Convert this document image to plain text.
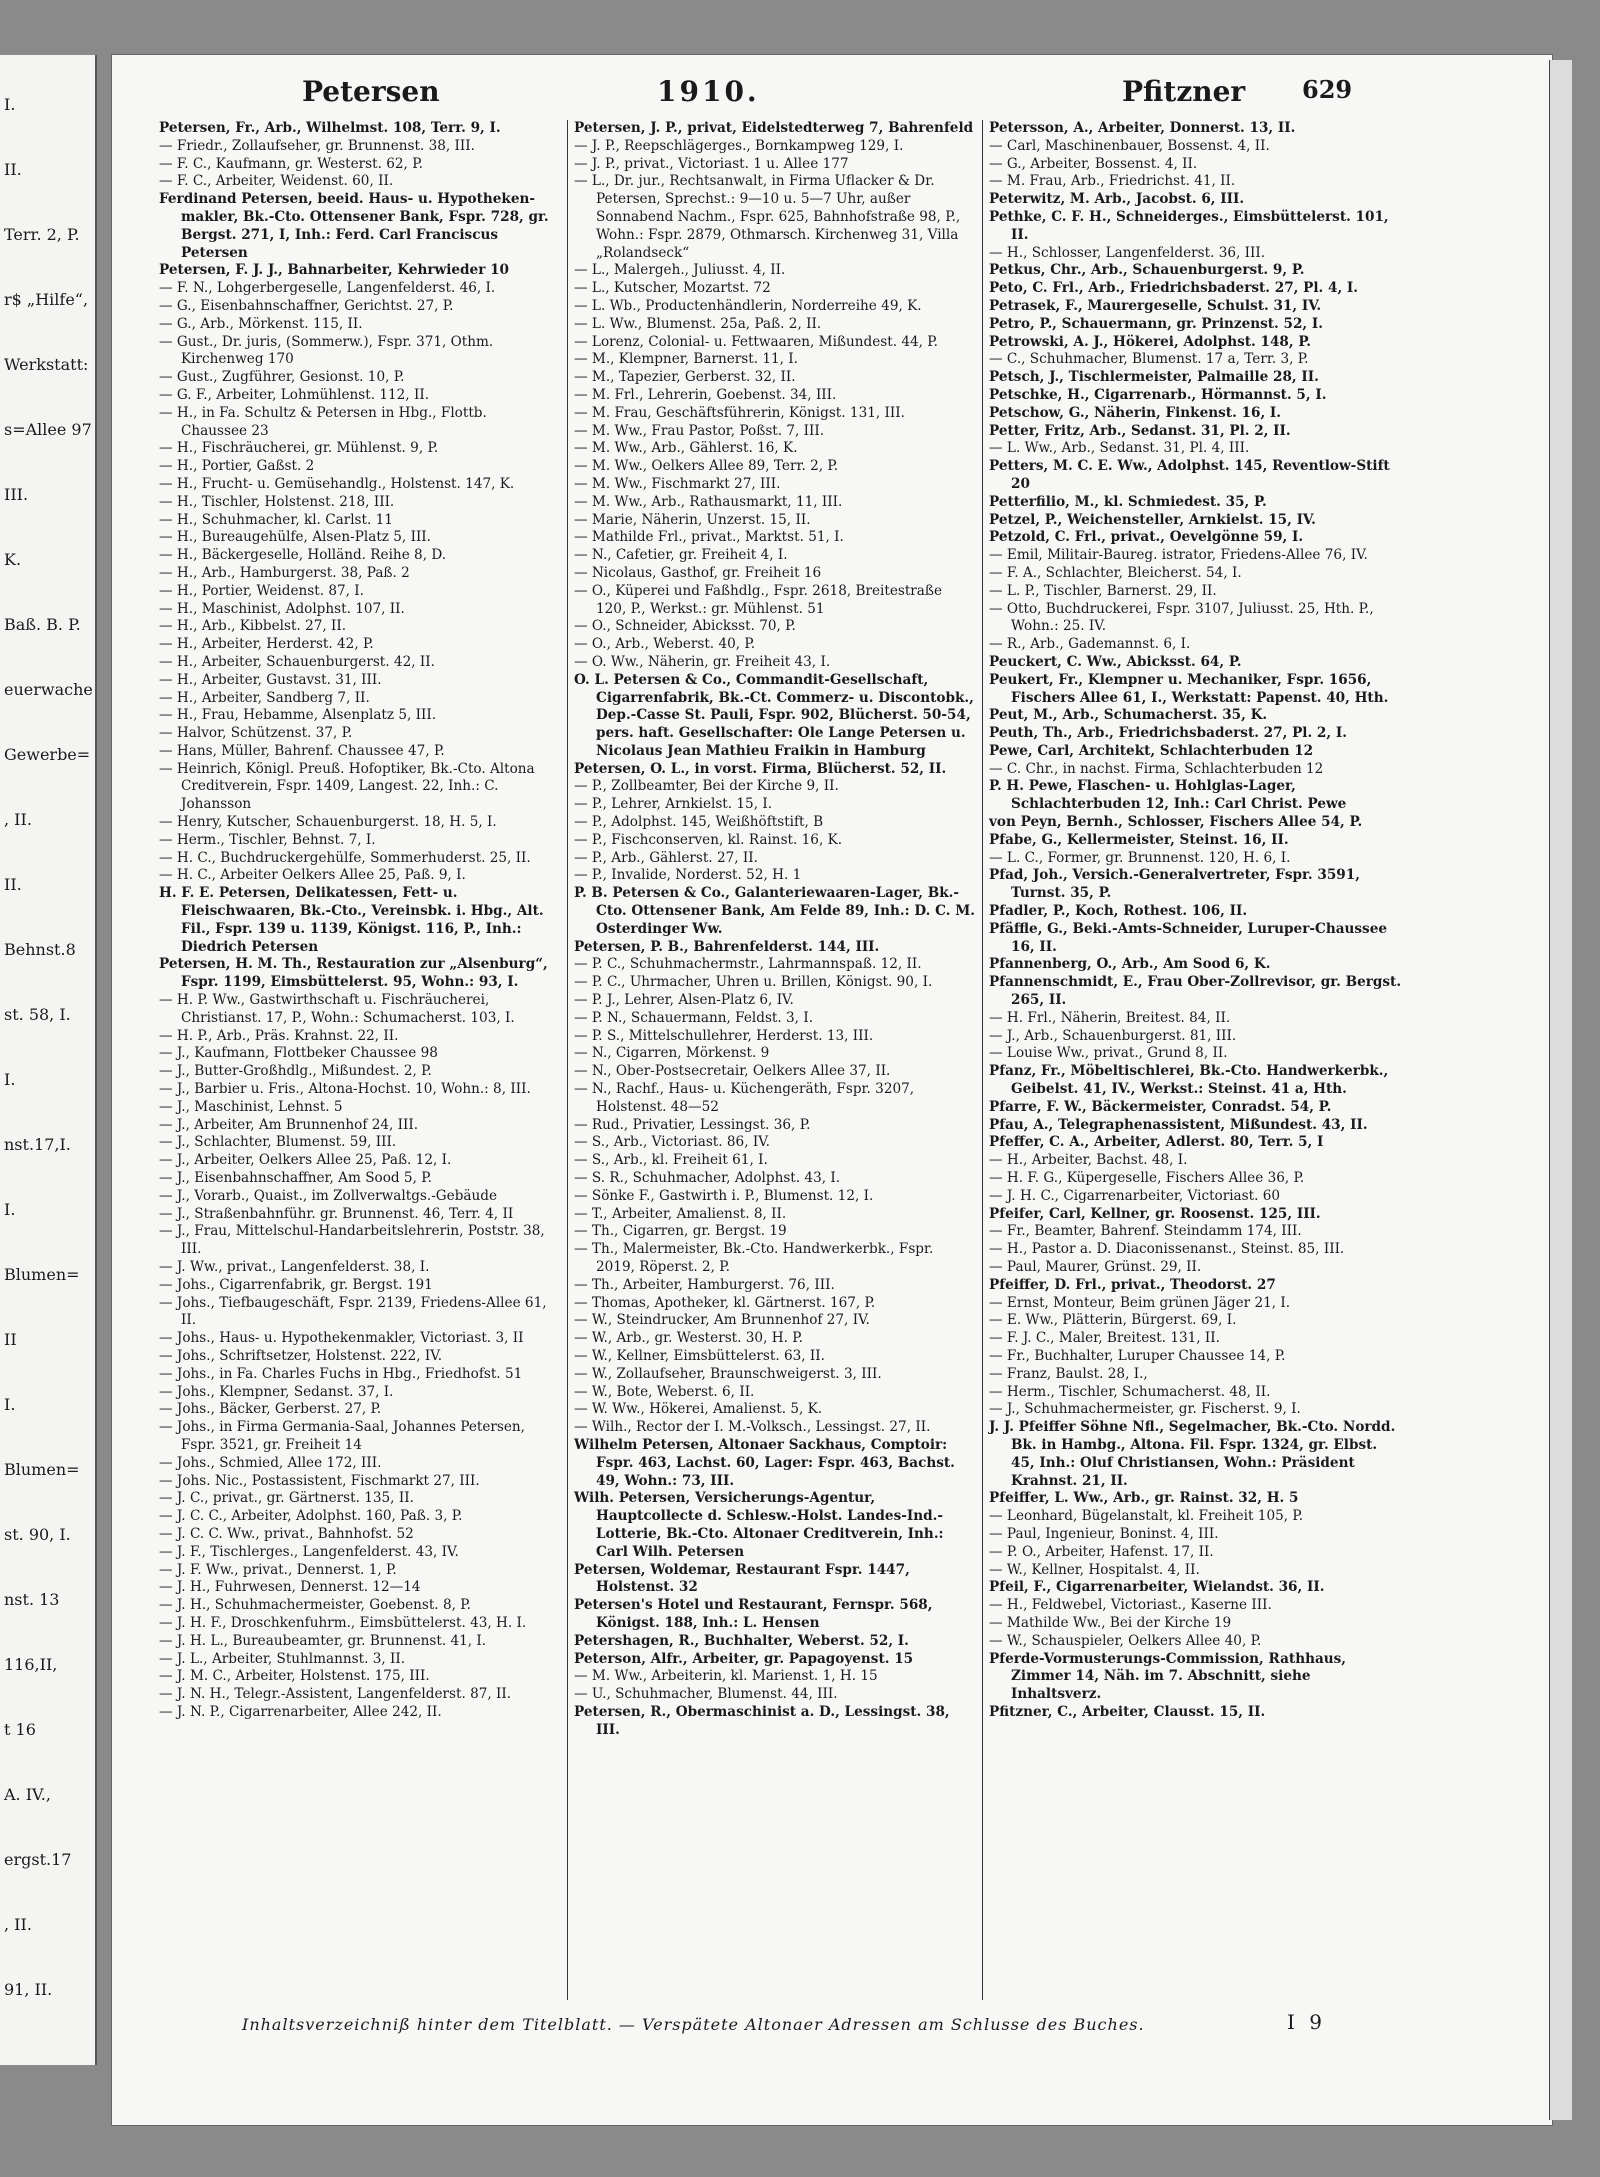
I.
II.
Terr. 2, P.
r$ „Hilfe“,
Werkstatt:
s=Allee 97
III.
K.
Baß. B. P.
euerwache
Gewerbe=
, II.
II.
Behnst.8
st. 58, I.
I.
nst.17,I.
I.
Blumen=
II
I.
Blumen=
st. 90, I.
nst. 13
116,II,
t 16
A. IV.,
ergst.17
, II.
91, II.
Petersen	1910.	Pfitzner 629

Petersen, Fr., Arb., Wilhelmst. 108, Terr. 9, I.

— Friedr., Zollaufseher, gr. Brunnenst. 38, III.

— F. C., Kaufmann, gr. Westerst. 62, P.

— F. C., Arbeiter, Weidenst. 60, II.

Ferdinand Petersen, beeid. Haus- u. Hypotheken-makler, Bk.-Cto. Ottensener Bank, Fspr. 728, gr. Bergst. 271, I, Inh.: Ferd. Carl Franciscus Petersen

Petersen, F. J. J., Bahnarbeiter, Kehrwieder 10

— F. N., Lohgerbergeselle, Langenfelderst. 46, I.

— G., Eisenbahnschaffner, Gerichtst. 27, P.

— G., Arb., Mörkenst. 115, II.

— Gust., Dr. juris, (Sommerw.), Fspr. 371, Othm. Kirchenweg 170

— Gust., Zugführer, Gesionst. 10, P.

— G. F., Arbeiter, Lohmühlenst. 112, II.

— H., in Fa. Schultz & Petersen in Hbg., Flottb. Chaussee 23

— H., Fischräucherei, gr. Mühlenst. 9, P.

— H., Portier, Gaßst. 2

— H., Frucht- u. Gemüsehandlg., Holstenst. 147, K.

— H., Tischler, Holstenst. 218, III.

— H., Schuhmacher, kl. Carlst. 11

— H., Bureaugehülfe, Alsen-Platz 5, III.

— H., Bäckergeselle, Holländ. Reihe 8, D.

— H., Arb., Hamburgerst. 38, Paß. 2

— H., Portier, Weidenst. 87, I.

— H., Maschinist, Adolphst. 107, II.

— H., Arb., Kibbelst. 27, II.

— H., Arbeiter, Herderst. 42, P.

— H., Arbeiter, Schauenburgerst. 42, II.

— H., Arbeiter, Gustavst. 31, III.

— H., Arbeiter, Sandberg 7, II.

— H., Frau, Hebamme, Alsenplatz 5, III.

— Halvor, Schützenst. 37, P.

— Hans, Müller, Bahrenf. Chaussee 47, P.

— Heinrich, Königl. Preuß. Hofoptiker, Bk.-Cto. Altona Creditverein, Fspr. 1409, Langest. 22, Inh.: C. Johansson

— Henry, Kutscher, Schauenburgerst. 18, H. 5, I.

— Herm., Tischler, Behnst. 7, I.

— H. C., Buchdruckergehülfe, Sommerhuderst. 25, II.

— H. C., Arbeiter Oelkers Allee 25, Paß. 9, I.

H. F. E. Petersen, Delikatessen, Fett- u. Fleischwaaren, Bk.-Cto., Vereinsbk. i. Hbg., Alt. Fil., Fspr. 139 u. 1139, Königst. 116, P., Inh.: Diedrich Petersen

Petersen, H. M. Th., Restauration zur „Alsenburg“, Fspr. 1199, Eimsbüttelerst. 95, Wohn.: 93, I.

— H. P. Ww., Gastwirthschaft u. Fischräucherei, Christianst. 17, P., Wohn.: Schumacherst. 103, I.

— H. P., Arb., Präs. Krahnst. 22, II.

— J., Kaufmann, Flottbeker Chaussee 98

— J., Butter-Großhdlg., Mißundest. 2, P.

— J., Barbier u. Fris., Altona-Hochst. 10, Wohn.: 8, III.

— J., Maschinist, Lehnst. 5

— J., Arbeiter, Am Brunnenhof 24, III.

— J., Schlachter, Blumenst. 59, III.

— J., Arbeiter, Oelkers Allee 25, Paß. 12, I.

— J., Eisenbahnschaffner, Am Sood 5, P.

— J., Vorarb., Quaist., im Zollverwaltgs.-Gebäude

— J., Straßenbahnführ. gr. Brunnenst. 46, Terr. 4, II

— J., Frau, Mittelschul-Handarbeitslehrerin, Poststr. 38, III.

— J. Ww., privat., Langenfelderst. 38, I.

— Johs., Cigarrenfabrik, gr. Bergst. 191

— Johs., Tiefbaugeschäft, Fspr. 2139, Friedens-Allee 61, II.

— Johs., Haus- u. Hypothekenmakler, Victoriast. 3, II

— Johs., Schriftsetzer, Holstenst. 222, IV.

— Johs., in Fa. Charles Fuchs in Hbg., Friedhofst. 51

— Johs., Klempner, Sedanst. 37, I.

— Johs., Bäcker, Gerberst. 27, P.

— Johs., in Firma Germania-Saal, Johannes Petersen, Fspr. 3521, gr. Freiheit 14

— Johs., Schmied, Allee 172, III.

— Johs. Nic., Postassistent, Fischmarkt 27, III.

— J. C., privat., gr. Gärtnerst. 135, II.

— J. C. C., Arbeiter, Adolphst. 160, Paß. 3, P.

— J. C. C. Ww., privat., Bahnhofst. 52

— J. F., Tischlerges., Langenfelderst. 43, IV.

— J. F. Ww., privat., Dennerst. 1, P.

— J. H., Fuhrwesen, Dennerst. 12—14

— J. H., Schuhmachermeister, Goebenst. 8, P.

— J. H. F., Droschkenfuhrm., Eimsbüttelerst. 43, H. I.

— J. H. L., Bureaubeamter, gr. Brunnenst. 41, I.

— J. L., Arbeiter, Stuhlmannst. 3, II.

— J. M. C., Arbeiter, Holstenst. 175, III.

— J. N. H., Telegr.-Assistent, Langenfelderst. 87, II.

— J. N. P., Cigarrenarbeiter, Allee 242, II.

Petersen, J. P., privat, Eidelstedterweg 7, Bahrenfeld

— J. P., Reepschlägerges., Bornkampweg 129, I.

— J. P., privat., Victoriast. 1 u. Allee 177

— L., Dr. jur., Rechtsanwalt, in Firma Uflacker & Dr. Petersen, Sprechst.: 9—10 u. 5—7 Uhr, außer Sonnabend Nachm., Fspr. 625, Bahnhofstraße 98, P., Wohn.: Fspr. 2879, Othmarsch. Kirchenweg 31, Villa „Rolandseck“

— L., Malergeh., Juliusst. 4, II.

— L., Kutscher, Mozartst. 72

— L. Wb., Productenhändlerin, Norderreihe 49, K.

— L. Ww., Blumenst. 25a, Paß. 2, II.

— Lorenz, Colonial- u. Fettwaaren, Mißundest. 44, P.

— M., Klempner, Barnerst. 11, I.

— M., Tapezier, Gerberst. 32, II.

— M. Frl., Lehrerin, Goebenst. 34, III.

— M. Frau, Geschäftsführerin, Königst. 131, III.

— M. Ww., Frau Pastor, Poßst. 7, III.

— M. Ww., Arb., Gählerst. 16, K.

— M. Ww., Oelkers Allee 89, Terr. 2, P.

— M. Ww., Fischmarkt 27, III.

— M. Ww., Arb., Rathausmarkt, 11, III.

— Marie, Näherin, Unzerst. 15, II.

— Mathilde Frl., privat., Marktst. 51, I.

— N., Cafetier, gr. Freiheit 4, I.

— Nicolaus, Gasthof, gr. Freiheit 16

— O., Küperei und Faßhdlg., Fspr. 2618, Breitestraße 120, P., Werkst.: gr. Mühlenst. 51

— O., Schneider, Abicksst. 70, P.

— O., Arb., Weberst. 40, P.

— O. Ww., Näherin, gr. Freiheit 43, I.

O. L. Petersen & Co., Commandit-Gesellschaft, Cigarrenfabrik, Bk.-Ct. Commerz- u. Discontobk., Dep.-Casse St. Pauli, Fspr. 902, Blücherst. 50-54, pers. haft. Gesellschafter: Ole Lange Petersen u. Nicolaus Jean Mathieu Fraikin in Hamburg

Petersen, O. L., in vorst. Firma, Blücherst. 52, II.

— P., Zollbeamter, Bei der Kirche 9, II.

— P., Lehrer, Arnkielst. 15, I.

— P., Adolphst. 145, Weißhöftstift, B

— P., Fischconserven, kl. Rainst. 16, K.

— P., Arb., Gählerst. 27, II.

— P., Invalide, Norderst. 52, H. 1

P. B. Petersen & Co., Galanteriewaaren-Lager, Bk.-Cto. Ottensener Bank, Am Felde 89, Inh.: D. C. M. Osterdinger Ww.

Petersen, P. B., Bahrenfelderst. 144, III.

— P. C., Schuhmachermstr., Lahrmannspaß. 12, II.

— P. C., Uhrmacher, Uhren u. Brillen, Königst. 90, I.

— P. J., Lehrer, Alsen-Platz 6, IV.

— P. N., Schauermann, Feldst. 3, I.

— P. S., Mittelschullehrer, Herderst. 13, III.

— N., Cigarren, Mörkenst. 9

— N., Ober-Postsecretair, Oelkers Allee 37, II.

— N., Rachf., Haus- u. Küchengeräth, Fspr. 3207, Holstenst. 48—52

— Rud., Privatier, Lessingst. 36, P.

— S., Arb., Victoriast. 86, IV.

— S., Arb., kl. Freiheit 61, I.

— S. R., Schuhmacher, Adolphst. 43, I.

— Sönke F., Gastwirth i. P., Blumenst. 12, I.

— T., Arbeiter, Amalienst. 8, II.

— Th., Cigarren, gr. Bergst. 19

— Th., Malermeister, Bk.-Cto. Handwerkerbk., Fspr. 2019, Röperst. 2, P.

— Th., Arbeiter, Hamburgerst. 76, III.

— Thomas, Apotheker, kl. Gärtnerst. 167, P.

— W., Steindrucker, Am Brunnenhof 27, IV.

— W., Arb., gr. Westerst. 30, H. P.

— W., Kellner, Eimsbüttelerst. 63, II.

— W., Zollaufseher, Braunschweigerst. 3, III.

— W., Bote, Weberst. 6, II.

— W. Ww., Hökerei, Amalienst. 5, K.

— Wilh., Rector der I. M.-Volksch., Lessingst. 27, II.

Wilhelm Petersen, Altonaer Sackhaus, Comptoir: Fspr. 463, Lachst. 60, Lager: Fspr. 463, Bachst. 49, Wohn.: 73, III.

Wilh. Petersen, Versicherungs-Agentur, Hauptcollecte d. Schlesw.-Holst. Landes-Ind.-Lotterie, Bk.-Cto. Altonaer Creditverein, Inh.: Carl Wilh. Petersen

Petersen, Woldemar, Restaurant Fspr. 1447, Holstenst. 32

Petersen's Hotel und Restaurant, Fernspr. 568, Königst. 188, Inh.: L. Hensen

Petershagen, R., Buchhalter, Weberst. 52, I.

Peterson, Alfr., Arbeiter, gr. Papagoyenst. 15

— M. Ww., Arbeiterin, kl. Marienst. 1, H. 15

— U., Schuhmacher, Blumenst. 44, III.

Petersen, R., Obermaschinist a. D., Lessingst. 38, III.

Petersson, A., Arbeiter, Donnerst. 13, II.

— Carl, Maschinenbauer, Bossenst. 4, II.

— G., Arbeiter, Bossenst. 4, II.

— M. Frau, Arb., Friedrichst. 41, II.

Peterwitz, M. Arb., Jacobst. 6, III.

Pethke, C. F. H., Schneiderges., Eimsbüttelerst. 101, II.

— H., Schlosser, Langenfelderst. 36, III.

Petkus, Chr., Arb., Schauenburgerst. 9, P.

Peto, C. Frl., Arb., Friedrichsbaderst. 27, Pl. 4, I.

Petrasek, F., Maurergeselle, Schulst. 31, IV.

Petro, P., Schauermann, gr. Prinzenst. 52, I.

Petrowski, A. J., Hökerei, Adolphst. 148, P.

— C., Schuhmacher, Blumenst. 17 a, Terr. 3, P.

Petsch, J., Tischlermeister, Palmaille 28, II.

Petschke, H., Cigarrenarb., Hörmannst. 5, I.

Petschow, G., Näherin, Finkenst. 16, I.

Petter, Fritz, Arb., Sedanst. 31, Pl. 2, II.

— L. Ww., Arb., Sedanst. 31, Pl. 4, III.

Petters, M. C. E. Ww., Adolphst. 145, Reventlow-Stift 20

Petterfilio, M., kl. Schmiedest. 35, P.

Petzel, P., Weichensteller, Arnkielst. 15, IV.

Petzold, C. Frl., privat., Oevelgönne 59, I.

— Emil, Militair-Baureg. istrator, Friedens-Allee 76, IV.

— F. A., Schlachter, Bleicherst. 54, I.

— L. P., Tischler, Barnerst. 29, II.

— Otto, Buchdruckerei, Fspr. 3107, Juliusst. 25, Hth. P., Wohn.: 25. IV.

— R., Arb., Gademannst. 6, I.

Peuckert, C. Ww., Abicksst. 64, P.

Peukert, Fr., Klempner u. Mechaniker, Fspr. 1656, Fischers Allee 61, I., Werkstatt: Papenst. 40, Hth.

Peut, M., Arb., Schumacherst. 35, K.

Peuth, Th., Arb., Friedrichsbaderst. 27, Pl. 2, I.

Pewe, Carl, Architekt, Schlachterbuden 12

— C. Chr., in nachst. Firma, Schlachterbuden 12

P. H. Pewe, Flaschen- u. Hohlglas-Lager, Schlachterbuden 12, Inh.: Carl Christ. Pewe

von Peyn, Bernh., Schlosser, Fischers Allee 54, P.

Pfabe, G., Kellermeister, Steinst. 16, II.

— L. C., Former, gr. Brunnenst. 120, H. 6, I.

Pfad, Joh., Versich.-Generalvertreter, Fspr. 3591, Turnst. 35, P.

Pfadler, P., Koch, Rothest. 106, II.

Pfäffle, G., Beki.-Amts-Schneider, Luruper-Chaussee 16, II.

Pfannenberg, O., Arb., Am Sood 6, K.

Pfannenschmidt, E., Frau Ober-Zollrevisor, gr. Bergst. 265, II.

— H. Frl., Näherin, Breitest. 84, II.

— J., Arb., Schauenburgerst. 81, III.

— Louise Ww., privat., Grund 8, II.

Pfanz, Fr., Möbeltischlerei, Bk.-Cto. Handwerkerbk., Geibelst. 41, IV., Werkst.: Steinst. 41 a, Hth.

Pfarre, F. W., Bäckermeister, Conradst. 54, P.

Pfau, A., Telegraphenassistent, Mißundest. 43, II.

Pfeffer, C. A., Arbeiter, Adlerst. 80, Terr. 5, I

— H., Arbeiter, Bachst. 48, I.

— H. F. G., Küpergeselle, Fischers Allee 36, P.

— J. H. C., Cigarrenarbeiter, Victoriast. 60

Pfeifer, Carl, Kellner, gr. Roosenst. 125, III.

— Fr., Beamter, Bahrenf. Steindamm 174, III.

— H., Pastor a. D. Diaconissenanst., Steinst. 85, III.

— Paul, Maurer, Grünst. 29, II.

Pfeiffer, D. Frl., privat., Theodorst. 27

— Ernst, Monteur, Beim grünen Jäger 21, I.

— E. Ww., Plätterin, Bürgerst. 69, I.

— F. J. C., Maler, Breitest. 131, II.

— Fr., Buchhalter, Luruper Chaussee 14, P.

— Franz, Baulst. 28, I.,

— Herm., Tischler, Schumacherst. 48, II.

— J., Schuhmachermeister, gr. Fischerst. 9, I.

J. J. Pfeiffer Söhne Nfl., Segelmacher, Bk.-Cto. Nordd. Bk. in Hambg., Altona. Fil. Fspr. 1324, gr. Elbst. 45, Inh.: Oluf Christiansen, Wohn.: Präsident Krahnst. 21, II.

Pfeiffer, L. Ww., Arb., gr. Rainst. 32, H. 5

— Leonhard, Bügelanstalt, kl. Freiheit 105, P.

— Paul, Ingenieur, Boninst. 4, III.

— P. O., Arbeiter, Hafenst. 17, II.

— W., Kellner, Hospitalst. 4, II.

Pfeil, F., Cigarrenarbeiter, Wielandst. 36, II.

— H., Feldwebel, Victoriast., Kaserne III.

— Mathilde Ww., Bei der Kirche 19

— W., Schauspieler, Oelkers Allee 40, P.

Pferde-Vormusterungs-Commission, Rathhaus, Zimmer 14, Näh. im 7. Abschnitt, siehe Inhaltsverz.

Pfitzner, C., Arbeiter, Clausst. 15, II.

Inhaltsverzeichniß hinter dem Titelblatt. — Verspätete Altonaer Adressen am Schlusse des Buches.	I 9
